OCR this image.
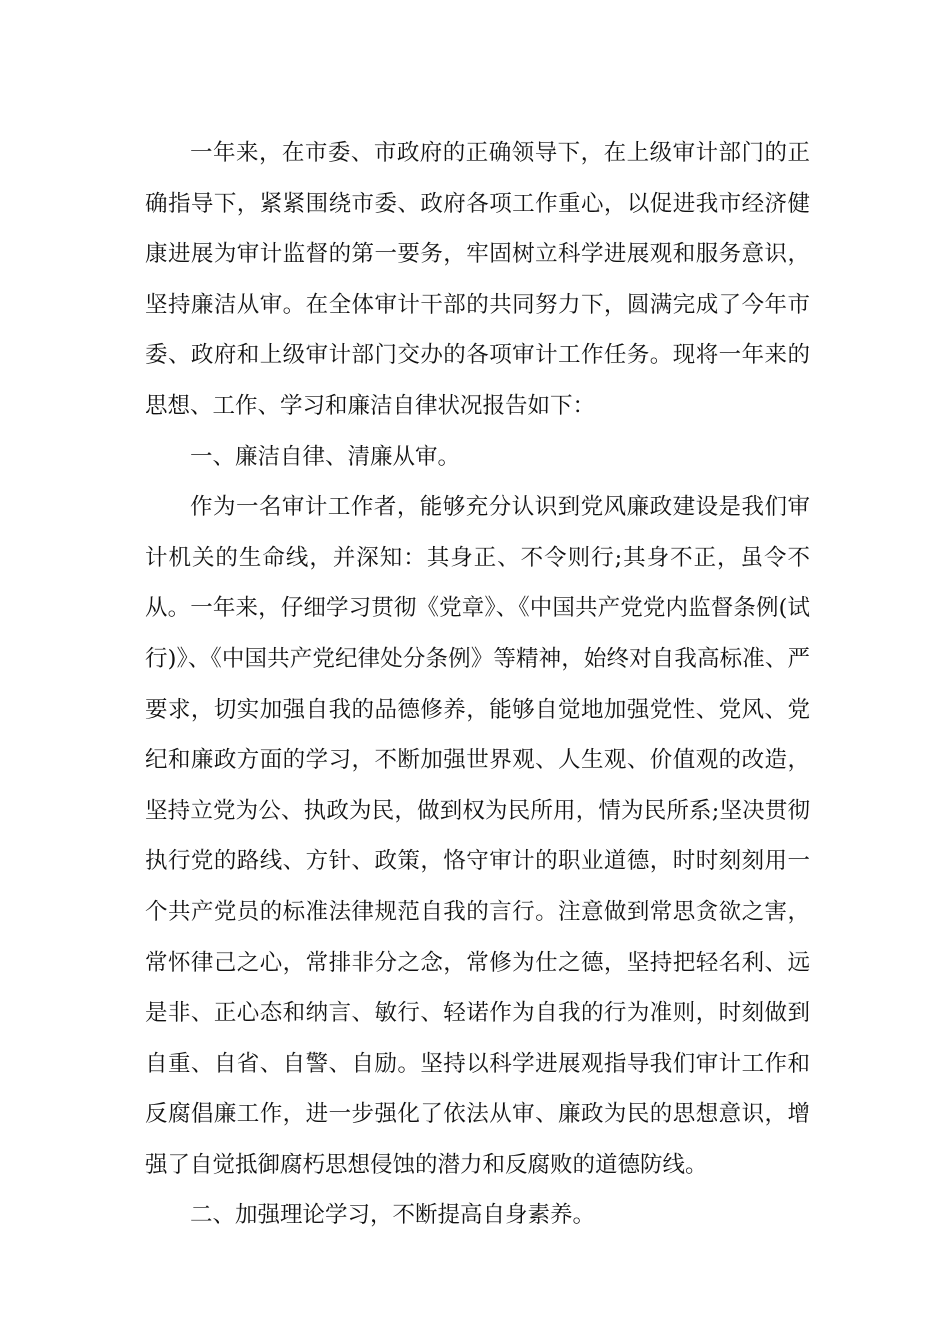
一年来，在市委、市政府的正确领导下，在上级审计部门的正确指导下，紧紧围绕市委、政府各项工作重心，以促进我市经济健康进展为审计监督的第一要务，牢固树立科学进展观和服务意识，坚持廉洁从审。在全体审计干部的共同努力下，圆满完成了今年市委、政府和上级审计部门交办的各项审计工作任务。现将一年来的思想、工作、学习和廉洁自律状况报告如下：

一、廉洁自律、清廉从审。

作为一名审计工作者，能够充分认识到党风廉政建设是我们审计机关的生命线，并深知：其身正、不令则行;其身不正，虽令不从。一年来，仔细学习贯彻《党章》、《中国共产党党内监督条例(试行)》、《中国共产党纪律处分条例》等精神，始终对自我高标准、严要求，切实加强自我的品德修养，能够自觉地加强党性、党风、党纪和廉政方面的学习，不断加强世界观、人生观、价值观的改造，坚持立党为公、执政为民，做到权为民所用，情为民所系;坚决贯彻执行党的路线、方针、政策，恪守审计的职业道德，时时刻刻用一个共产党员的标准法律规范自我的言行。注意做到常思贪欲之害，常怀律己之心，常排非分之念，常修为仕之德，坚持把轻名利、远是非、正心态和纳言、敏行、轻诺作为自我的行为准则，时刻做到自重、自省、自警、自励。坚持以科学进展观指导我们审计工作和反腐倡廉工作，进一步强化了依法从审、廉政为民的思想意识，增强了自觉抵御腐朽思想侵蚀的潜力和反腐败的道德防线。

二、加强理论学习，不断提高自身素养。
